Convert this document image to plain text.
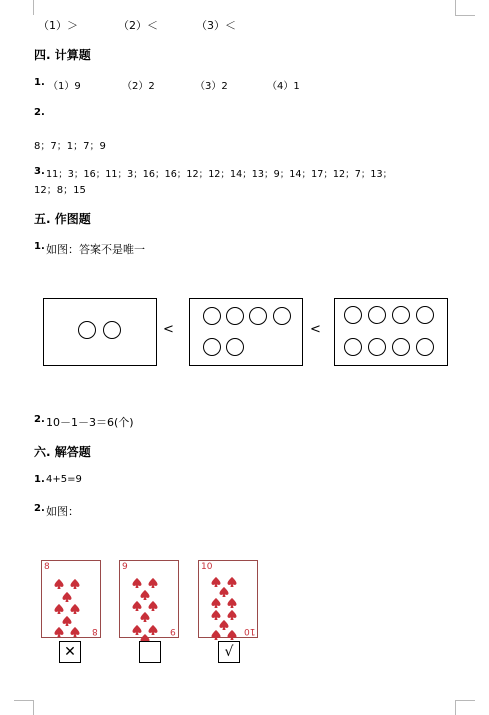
（1）＞	（2）＜	（3）＜
四. 计算题
1. （1）9	（2）2	（3）2	（4）1
2.
8；7；1；7；9
3. 11；3；16；11；3；16；16；12；12；14；13；9；14；17；12；7；13；
12；8；15
五. 作图题
1. 如图：答案不是唯一
<	<
2. 10－1－3＝6(个)
六. 解答题
1. 4+5=9
2. 如图：
8
8
9
9
10
10
✕	√
